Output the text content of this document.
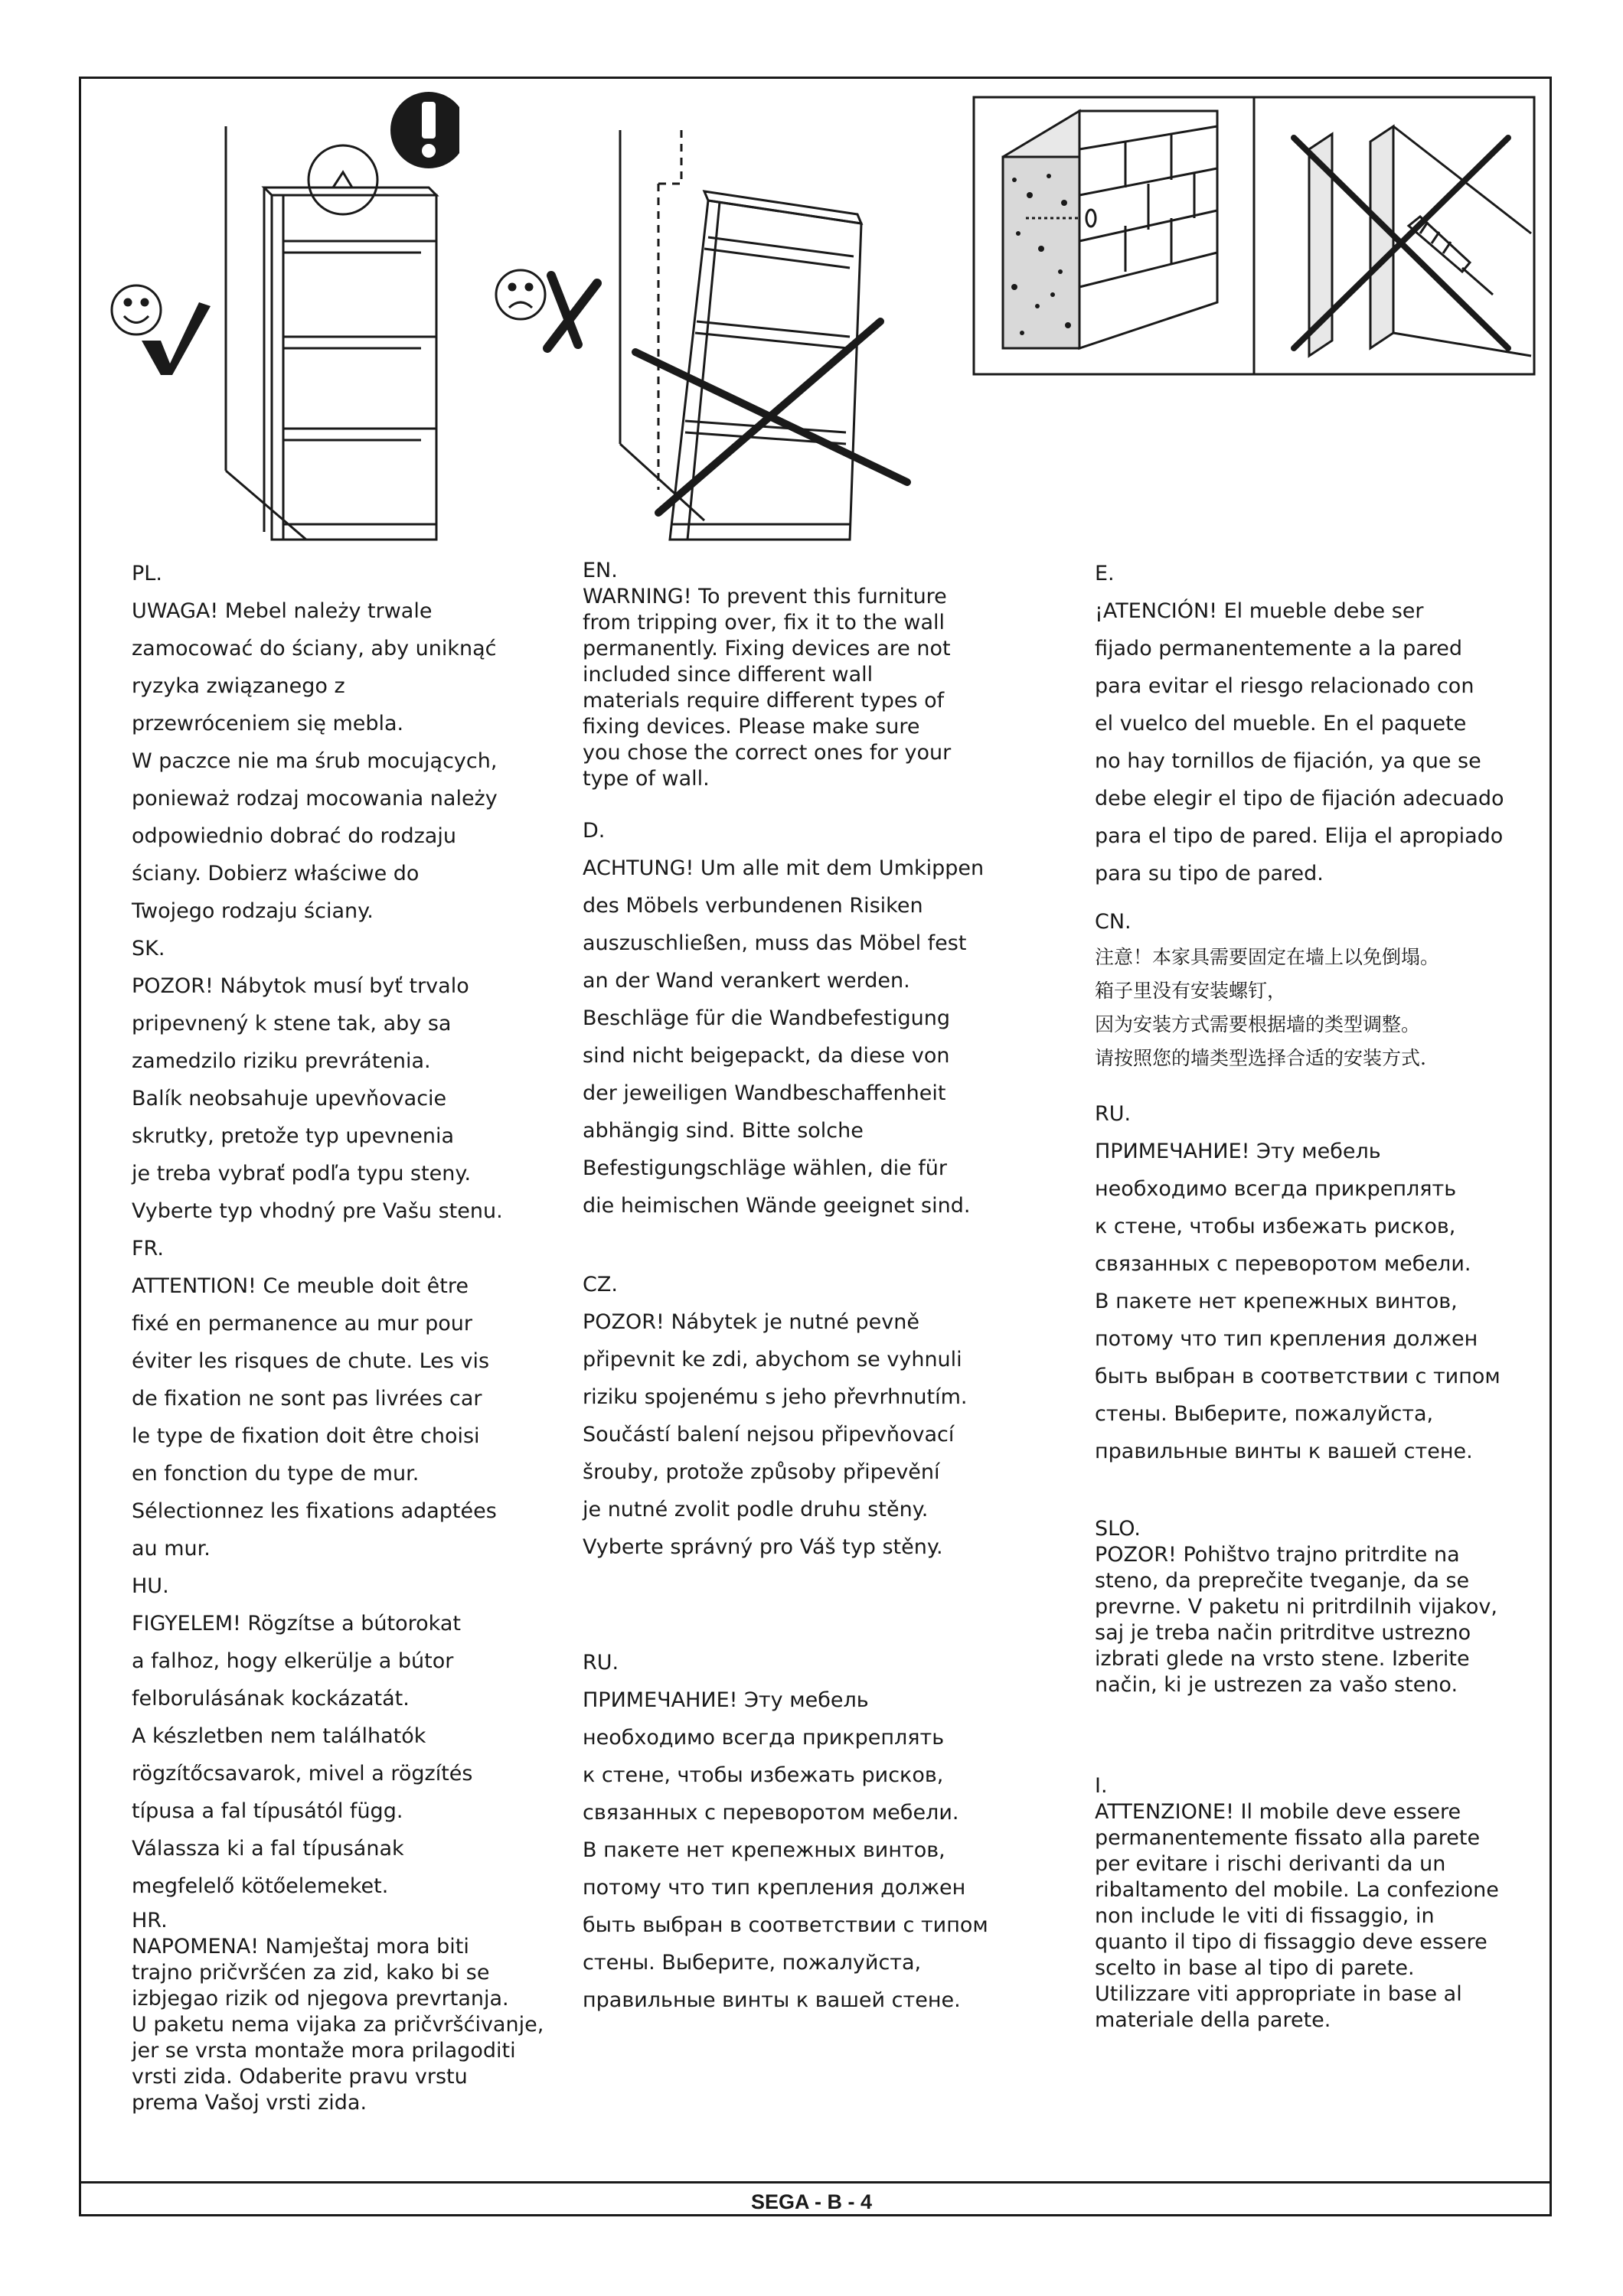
PL.

UWAGA! Mebel należy trwale
zamocować do ściany, aby uniknąć
ryzyka związanego z
przewróceniem się mebla.
W paczce nie ma śrub mocujących,
ponieważ rodzaj mocowania należy
odpowiednio dobrać do rodzaju
ściany. Dobierz właściwe do
Twojego rodzaju ściany.

SK.

POZOR! Nábytok musí byť trvalo
pripevnený k stene tak, aby sa
zamedzilo riziku prevrátenia.
Balík neobsahuje upevňovacie
skrutky, pretože typ upevnenia
je treba vybrať podľa typu steny.
Vyberte typ vhodný pre Vašu stenu.

FR.

ATTENTION! Ce meuble doit être
fixé en permanence au mur pour
éviter les risques de chute. Les vis
de fixation ne sont pas livrées car
le type de fixation doit être choisi
en fonction du type de mur.
Sélectionnez les fixations adaptées
au mur.

HU.

FIGYELEM! Rögzítse a bútorokat
a falhoz, hogy elkerülje a bútor
felborulásának kockázatát.
A készletben nem találhatók
rögzítőcsavarok, mivel a rögzítés
típusa a fal típusától függ.
Válassza ki a fal típusának
megfelelő kötőelemeket.

HR.

NAPOMENA! Namještaj mora biti
trajno pričvršćen za zid, kako bi se
izbjegao rizik od njegova prevrtanja.
U paketu nema vijaka za pričvršćivanje,
jer se vrsta montaže mora prilagoditi
vrsti zida. Odaberite pravu vrstu
prema Vašoj vrsti zida.

EN.

WARNING! To prevent this furniture
from tripping over, fix it to the wall
permanently. Fixing devices are not
included since different wall
materials require different types of
fixing devices. Please make sure
you chose the correct ones for your
type of wall.

D.

ACHTUNG! Um alle mit dem Umkippen
des Möbels verbundenen Risiken
auszuschließen, muss das Möbel fest
an der Wand verankert werden.
Beschläge für die Wandbefestigung
sind nicht beigepackt, da diese von
der jeweiligen Wandbeschaffenheit
abhängig sind. Bitte solche
Befestigungschläge wählen, die für
die heimischen Wände geeignet sind.

CZ.

POZOR! Nábytek je nutné pevně
připevnit ke zdi, abychom se vyhnuli
riziku spojenému s jeho převrhnutím.
Součástí balení nejsou připevňovací
šrouby, protože způsoby připevění
je nutné zvolit podle druhu stěny.
Vyberte správný pro Váš typ stěny.

RU.

ПРИМЕЧАНИЕ! Эту мебель
необходимо всегда прикреплять
к стене, чтобы избежать рисков,
связанных с переворотом мебели.
В пакете нет крепежных винтов,
потому что тип крепления должен
быть выбран в соответствии с типом
стены. Выберите, пожалуйста,
правильные винты к вашей стене.

E.

¡ATENCIÓN! El mueble debe ser
fijado permanentemente a la pared
para evitar el riesgo relacionado con
el vuelco del mueble. En el paquete
no hay tornillos de fijación, ya que se
debe elegir el tipo de fijación adecuado
para el tipo de pared. Elija el apropiado
para su tipo de pared.

CN.

注意！本家具需要固定在墙上以免倒塌。
箱子里没有安装螺钉，
因为安装方式需要根据墙的类型调整。
请按照您的墙类型选择合适的安装方式.

RU.

ПРИМЕЧАНИЕ! Эту мебель
необходимо всегда прикреплять
к стене, чтобы избежать рисков,
связанных с переворотом мебели.
В пакете нет крепежных винтов,
потому что тип крепления должен
быть выбран в соответствии с типом
стены. Выберите, пожалуйста,
правильные винты к вашей стене.

SLO.

POZOR! Pohištvo trajno pritrdite na
steno, da preprečite tveganje, da se
prevrne. V paketu ni pritrdilnih vijakov,
saj je treba način pritrditve ustrezno
izbrati glede na vrsto stene. Izberite
način, ki je ustrezen za vašo steno.

I.

ATTENZIONE! Il mobile deve essere
permanentemente fissato alla parete
per evitare i rischi derivanti da un
ribaltamento del mobile. La confezione
non include le viti di fissaggio, in
quanto il tipo di fissaggio deve essere
scelto in base al tipo di parete.
Utilizzare viti appropriate in base al
materiale della parete.

SEGA - B - 4
